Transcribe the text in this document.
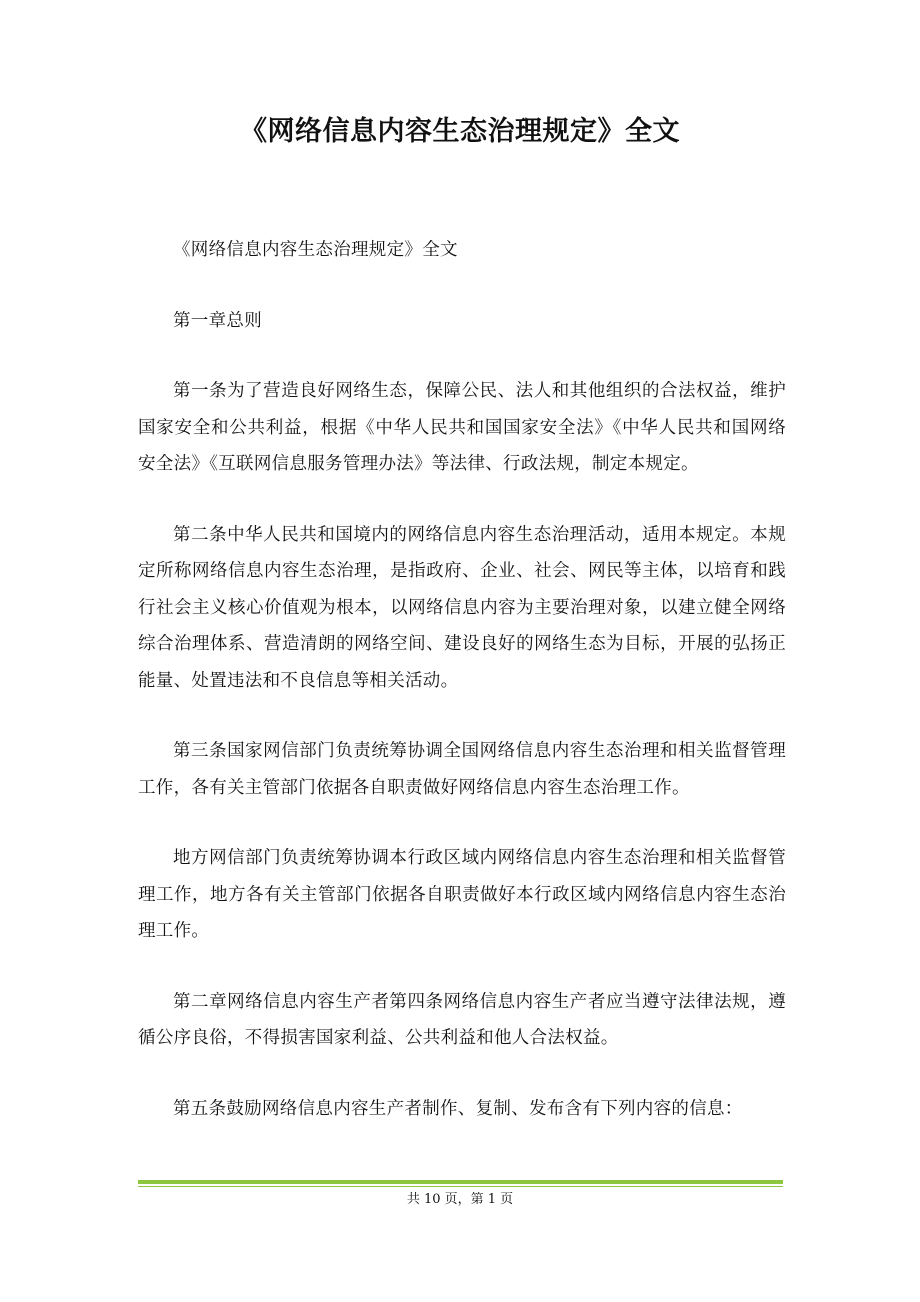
《网络信息内容生态治理规定》全文

《网络信息内容生态治理规定》全文

第一章总则

第一条为了营造良好网络生态，保障公民、法人和其他组织的合法权益，维护国家安全和公共利益，根据《中华人民共和国国家安全法》《中华人民共和国网络安全法》《互联网信息服务管理办法》等法律、行政法规，制定本规定。

第二条中华人民共和国境内的网络信息内容生态治理活动，适用本规定。本规定所称网络信息内容生态治理，是指政府、企业、社会、网民等主体，以培育和践行社会主义核心价值观为根本，以网络信息内容为主要治理对象，以建立健全网络综合治理体系、营造清朗的网络空间、建设良好的网络生态为目标，开展的弘扬正能量、处置违法和不良信息等相关活动。

第三条国家网信部门负责统筹协调全国网络信息内容生态治理和相关监督管理工作，各有关主管部门依据各自职责做好网络信息内容生态治理工作。

地方网信部门负责统筹协调本行政区域内网络信息内容生态治理和相关监督管理工作，地方各有关主管部门依据各自职责做好本行政区域内网络信息内容生态治理工作。

第二章网络信息内容生产者第四条网络信息内容生产者应当遵守法律法规，遵循公序良俗，不得损害国家利益、公共利益和他人合法权益。

第五条鼓励网络信息内容生产者制作、复制、发布含有下列内容的信息：

共 10 页，第 1 页
